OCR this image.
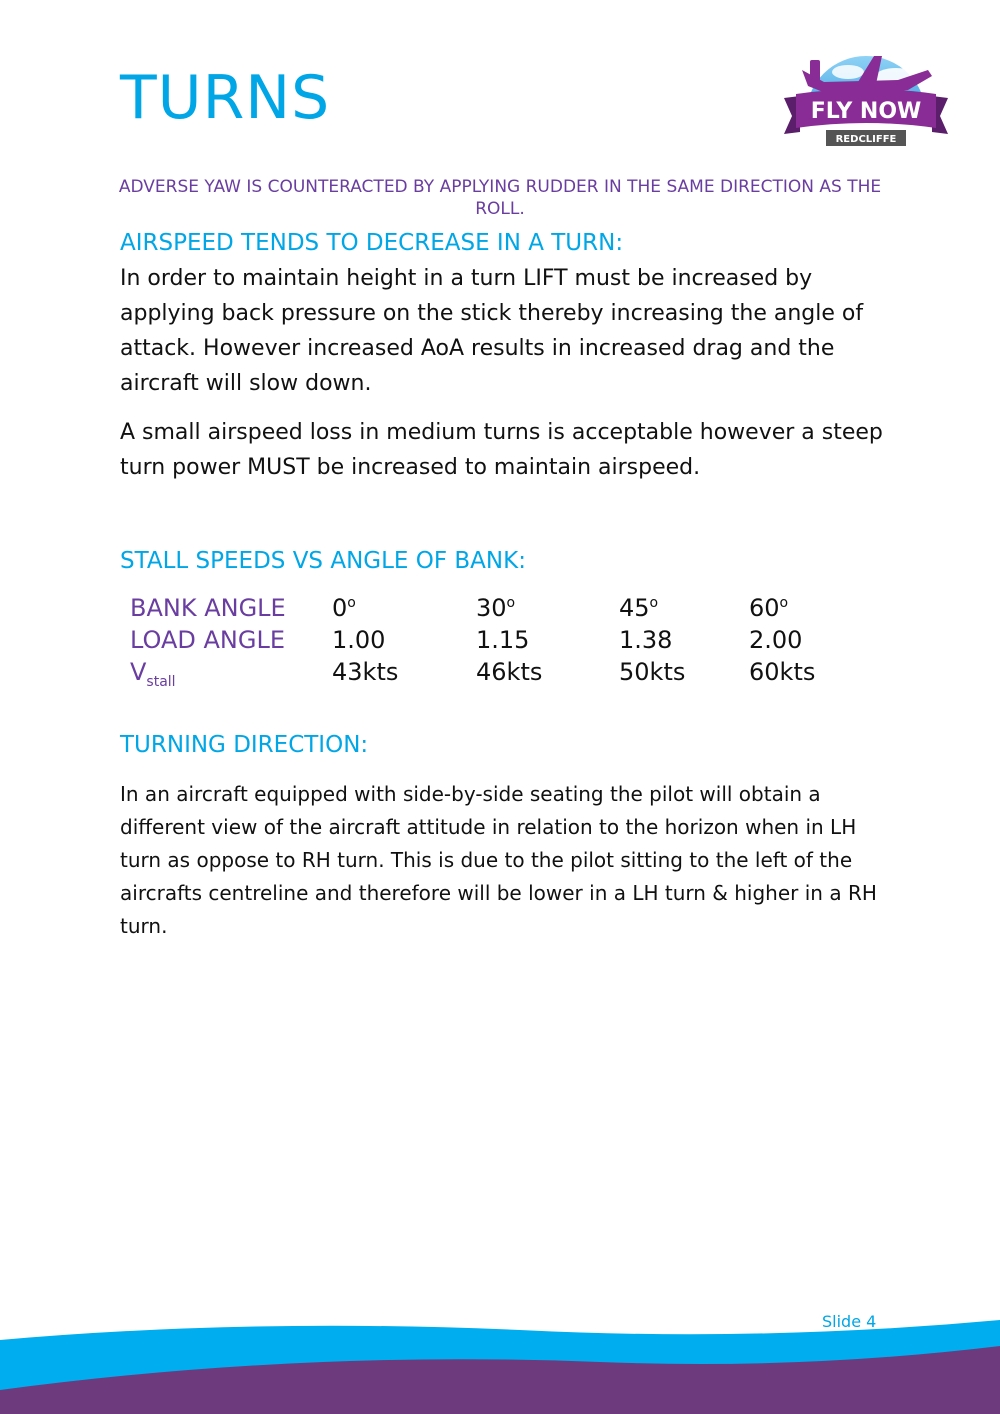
TURNS	FLY NOW
REDCLIFFE
ADVERSE YAW IS COUNTERACTED BY APPLYING RUDDER IN THE SAME DIRECTION AS THE ROLL.
AIRSPEED TENDS TO DECREASE IN A TURN:

In order to maintain height in a turn LIFT must be increased by applying back pressure on the stick thereby increasing the angle of attack. However increased AoA results in increased drag and the aircraft will slow down.

A small airspeed loss in medium turns is acceptable however a steep turn power MUST be increased to maintain airspeed.

STALL SPEEDS VS ANGLE OF BANK:
BANK ANGLE 0$^o$	30$^o$	45$^o$	60$^o$
LOAD ANGLE 1.00	1.15	1.38	2.00
$V_{stall}$	43kts	46kts	50kts	60kts
TURNING DIRECTION:

In an aircraft equipped with side-by-side seating the pilot will obtain a different view of the aircraft attitude in relation to the horizon when in LH turn as oppose to RH turn. This is due to the pilot sitting to the left of the aircrafts centreline and therefore will be lower in a LH turn & higher in a RH turn.

Slide 4
